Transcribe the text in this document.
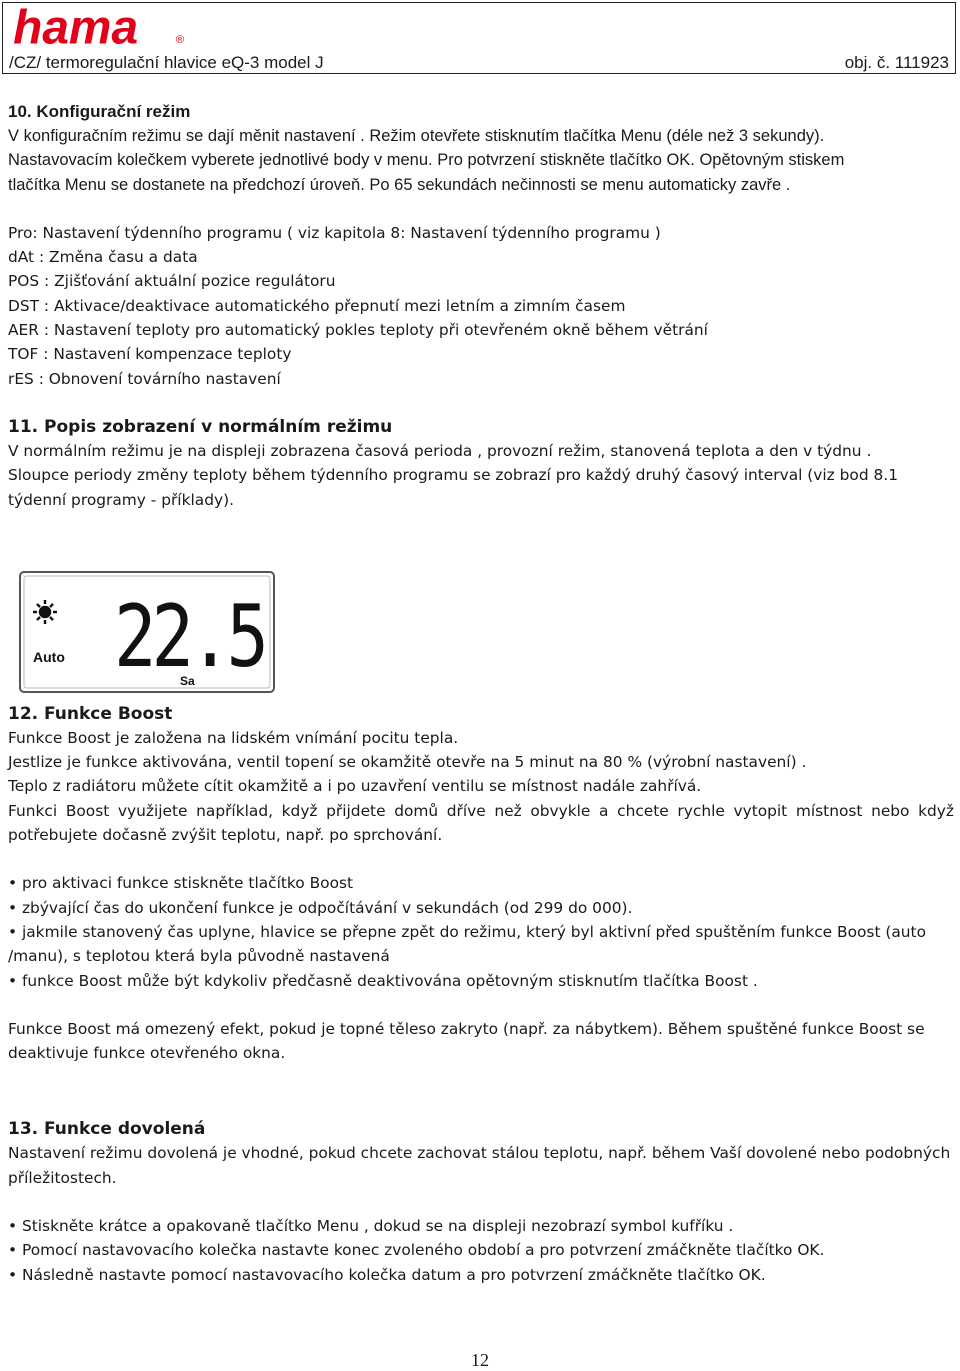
hama	®
/CZ/ termoregulační hlavice eQ-3 model J	obj. č. 111923

10. Konfigurační režim

V konfiguračním režimu se dají měnit nastavení . Režim otevřete stisknutím tlačítka Menu (déle než 3 sekundy).

Nastavovacím kolečkem vyberete jednotlivé body v menu. Pro potvrzení stiskněte tlačítko OK. Opětovným stiskem

tlačítka Menu se dostanete na předchozí úroveň. Po 65 sekundách nečinnosti se menu automaticky zavře .

Pro: Nastavení týdenního programu ( viz kapitola 8: Nastavení týdenního programu )

dAt : Změna času a data

POS : Zjišťování aktuální pozice regulátoru

DST : Aktivace/deaktivace automatického přepnutí mezi letním a zimním časem

AER : Nastavení teploty pro automatický pokles teploty při otevřeném okně během větrání

TOF : Nastavení kompenzace teploty

rES : Obnovení továrního nastavení

11. Popis zobrazení v normálním režimu

V normálním režimu je na displeji zobrazena časová perioda , provozní režim, stanovená teplota a den v týdnu .

Sloupce periody změny teploty během týdenního programu se zobrazí pro každý druhý časový interval (viz bod 8.1

týdenní programy - příklady).

Auto
Sa
22.5

12. Funkce Boost

Funkce Boost je založena na lidském vnímání pocitu tepla.

Jestlize je funkce aktivována, ventil topení se okamžitě otevře na 5 minut na 80 % (výrobní nastavení) .

Teplo z radiátoru můžete cítit okamžitě a i po uzavření ventilu se místnost nadále zahřívá.

Funkci Boost využijete například, když přijdete domů dříve než obvykle a chcete rychle vytopit místnost nebo když potřebujete dočasně zvýšit teplotu, např. po sprchování.

• pro aktivaci funkce stiskněte tlačítko Boost

• zbývající čas do ukončení funkce je odpočítávání v sekundách (od 299 do 000).

• jakmile stanovený čas uplyne, hlavice se přepne zpět do režimu, který byl aktivní před spuštěním funkce Boost (auto /manu), s teplotou která byla původně nastavená

• funkce Boost může být kdykoliv předčasně deaktivována opětovným stisknutím tlačítka Boost .

Funkce Boost má omezený efekt, pokud je topné těleso zakryto (např. za nábytkem). Během spuštěné funkce Boost se deaktivuje funkce otevřeného okna.

13. Funkce dovolená

Nastavení režimu dovolená je vhodné, pokud chcete zachovat stálou teplotu, např. během Vaší dovolené nebo podobných příležitostech.

• Stiskněte krátce a opakovaně tlačítko Menu , dokud se na displeji nezobrazí symbol kufříku .

• Pomocí nastavovacího kolečka nastavte konec zvoleného období a pro potvrzení zmáčkněte tlačítko OK.

• Následně nastavte pomocí nastavovacího kolečka datum a pro potvrzení zmáčkněte tlačítko OK.

12
